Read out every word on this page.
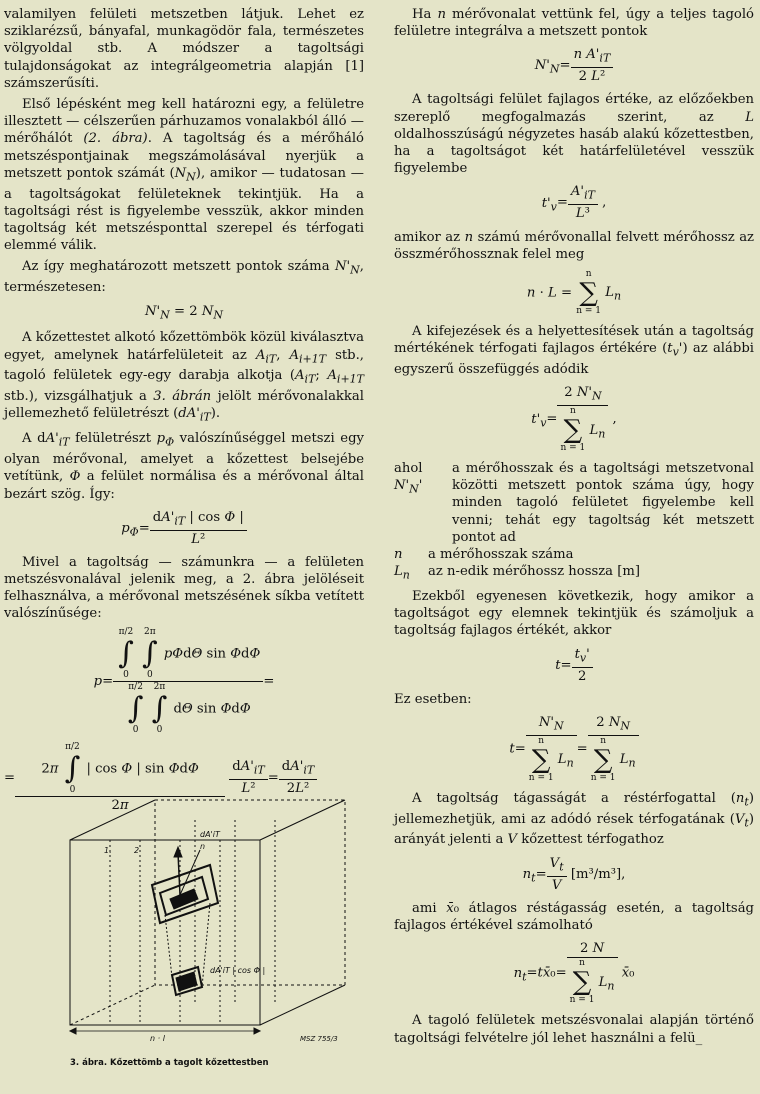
valamilyen felületi metszetben látjuk. Lehet ez sziklarézsű, bányafal, munkagödör fala, természetes völgyoldal stb. A módszer a tagoltsági tulajdonságokat az integrálgeometria alapján [1] számszerűsíti.

Első lépésként meg kell határozni egy, a felületre illesztett — célszerűen párhuzamos vonalakból álló — mérőhálót (2. ábra). A tagoltság és a mérőháló metszéspontjainak megszámolásával nyerjük a metszett pontok számát $(N_N)$, amikor — tudatosan — a tagoltságokat felületeknek tekintjük. Ha a tagoltsági rést is figyelembe vesszük, akkor minden tagoltság két metszésponttal szerepel és térfogati elemmé válik.

Az így meghatározott metszett pontok száma $N'_N$, természetesen:

$N'_N = 2$ $N_N$

A kőzettestet alkotó kőzettömbök közül kiválasztva egyet, amelynek határfelületeit az $A_{iT}$, $A_{i+1T}$ stb., tagoló felületek egy-egy darabja alkotja ($A_{iT}$; $A_{i+1T}$ stb.), vizsgálhatjuk a 3. ábrán jelölt mérővonalakkal jellemezhető felületrészt $(dA'_{iT})$.

A $dA'_{iT}$ felületrészt $p_\Phi$ valószínűséggel metszi egy olyan mérővonal, amelyet a kőzettest belsejébe vetítünk, Φ a felület normálisa és a mérővonal által bezárt szög. Így:

$p_\Phi= \frac{dA'_{iT} | \cos \Phi |}{\text{L²}}$

Mivel a tagoltság — számunkra — a felületen metszésvonalával jelenik meg, a 2. ábra jelöléseit felhasználva, a mérővonal metszésének síkba vetített valószínűsége:

p= π/2
∫
0

2π
∫
0
pΦdΘ sin ΦdΦ
π/2
∫
0

2π
∫
0
dΘ sin ΦdΦ =
= 2π
π/2
∫
0
| cos Φ | sin ΦdΦ
2π
$\frac{dA'_{iT}}{\text{L²}} = \frac{dA'_{iT}}{\text{2L²}}$
1.	2
dA'iT
n
dA'iT | cos Φ |
n · l	MSZ 755/3
3. ábra. Kőzettömb a tagolt kőzettestben

Ha n mérővonalat vettünk fel, úgy a teljes tagoló felületre integrálva a metszett pontok

$N'_N= \frac{n A'_{iT}}{\text{2 L²}}$

A tagoltsági felület fajlagos értéke, az előzőekben szereplő megfogalmazás szerint, az L oldalhosszúságú négyzetes hasáb alakú kőzettestben, ha a tagoltságot két határfelületével vesszük figyelembe

$t'_v= \frac{A'_{iT}}{\text{L³}}$ ,

amikor az n számú mérővonallal felvett mérőhossz az összmérőhossznak felel meg

n · L =
n
∑
n = 1
$L_n$

A kifejezések és a helyettesítések után a tagoltság mértékének térfogati fajlagos értékére $(t_v')$ az alábbi egyszerű összefüggés adódik

$t'_v= 2$ $N'_N$
n
∑
n = 1
$L_n$ ,
ahol $N'_N'$
a mérőhosszak és a tagoltsági metszetvonal közötti metszett pontok száma úgy, hogy minden tagoló felületet figyelembe kell venni; tehát egy tagoltság két metszett pontot ad
n	a mérőhosszak száma
$L_n$	az n-edik mérőhossz hossza [m]

Ezekből egyenesen következik, hogy amikor a tagoltságot egy elemnek tekintjük és számoljuk a tagoltság fajlagos értékét, akkor

$t= \frac{t_v'}{2}$

Ez esetben:

$t= N'_N$
n
∑
n = 1
$L_n = 2$ $N_N$
n
∑
n = 1
$L_n$

A tagoltság tágasságát a réstérfogattal $(n_t)$ jellemezhetjük, ami az adódó rések térfogatának $(V_t)$ arányát jelenti a V kőzettest térfogathoz

$n_t= \frac{V_t}{V} [m^3/m^3]$,

ami x̄₀ átlagos réstágasság esetén, a tagoltság fajlagos értékével számolható

$n_t=tx̄_0= 2$ N
n
∑
n = 1
$L_n$ x̄₀

A tagoló felületek metszésvonalai alapján történő tagoltsági felvételre jól lehet használni a felü_
